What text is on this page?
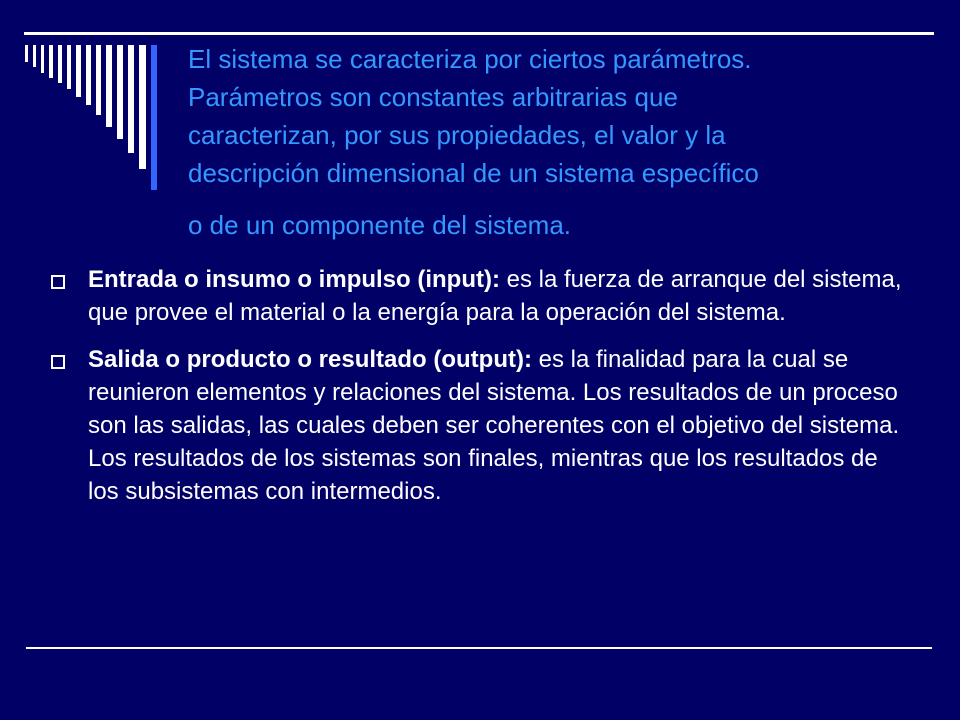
El sistema se caracteriza por ciertos parámetros.

Parámetros son constantes arbitrarias que

caracterizan, por sus propiedades, el valor y la

descripción dimensional de un sistema específico

o de un componente del sistema.

Entrada o insumo o impulso (input): es la fuerza de arranque del sistema, que provee el material o la energía para la operación del sistema.
Salida o producto o resultado (output): es la finalidad para la cual se reunieron elementos y relaciones del sistema. Los resultados de un proceso son las salidas, las cuales deben ser coherentes con el objetivo del sistema. Los resultados de los sistemas son finales, mientras que los resultados de los subsistemas con intermedios.
